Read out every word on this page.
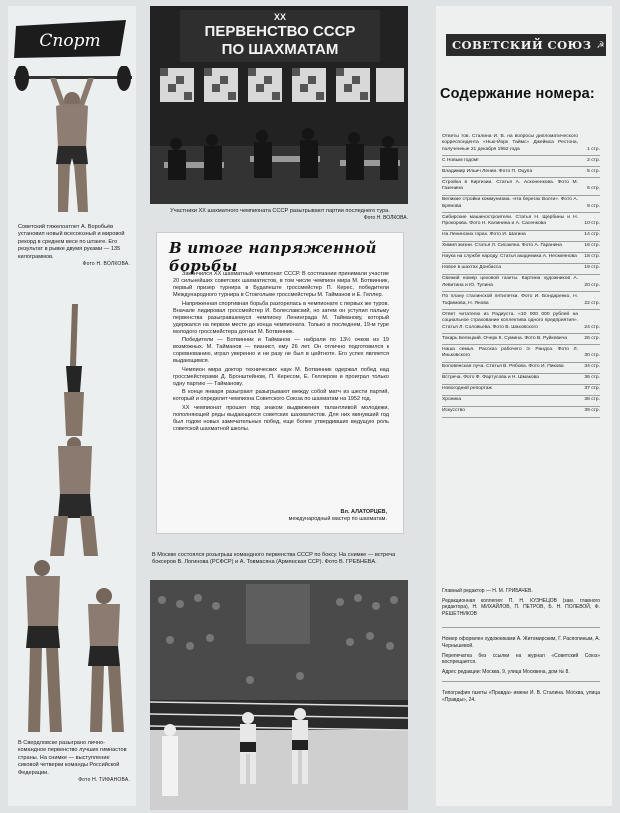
Спорт
Советский тяжелоатлет А. Воробьёв установил новый всесоюзный и мировой рекорд в среднем весе по штанге. Его результат в рывке двумя руками — 135 килограммов.
Фото Н. ВОЛКОВА.
В Свердловске разыграно лично-командное первенство лучших гимнастов страны. На снимке — выступление сиковой четверки команды Российской Федерации.
Фото Н. ТИФАНОВА.
ХХ
ПЕРВЕНСТВО СССР
ПО ШАХМАТАМ
Участники XX шахматного чемпионата СССР разыгрывают партии последнего тура.
Фото Н. ВОЛКОВА.
В итоге напряженной борьбы

Закончился XX шахматный чемпионат СССР. В состязании принимали участие 20 сильнейших советских шахматистов, в том числе чемпион мира М. Ботвинник, первый призер турнира в Будапеште гроссмейстер П. Керес, победители Международного турнира в Стокгольме гроссмейстеры М. Тайманов и Е. Геллер.

Напряженная спортивная борьба разгорелась в чемпионате с первых же туров. Вначале лидировал гроссмейстер И. Болеславский, но затем он уступил пальму первенства разыгравшемуся чемпиону Ленинграда М. Тайманову, который удержался на первом месте до конца чемпионата. Только в последнем, 19-м туре молодого гроссмейстера догнал М. Ботвинник.

Победители — Ботвинник и Тайманов — набрали по 13½ очков из 19 возможных. М. Тайманов — пианист, ему 26 лет. Он отлично подготовился к соревнованию, играл уверенно и ни разу не был в цейтноте. Его успех является выдающимся.

Чемпион мира доктор технических наук М. Ботвинник одержал побед над гроссмейстерами Д. Бронштейном, П. Кересом, Е. Геллером и проиграл только одну партию — Тайманову.

В конце января разыграют разыгрывают между собой матч из шести партий, который и определит чемпиона Советского Союза по шахматам на 1952 год.

XX чемпионат прошел под знаком выдвижения талантливой молодежи, пополняющей ряды выдающихся советских шахматистов. Для них минувший год был годом новых замечательных побед, еще более утвердивших ведущую роль советской шахматной школы.

Вл. АЛАТОРЦЕВ,
международный мастер по шахматам.
В Москве состоялся розыгрыш командного первенства СССР по боксу. На снимке — встреча боксеров В. Логинова (РСФСР) и А. Товмасяна (Армянская ССР). Фото В. ГРЕБНЕВА.
СОВЕТСКИЙ СОЮЗ ☭
Содержание номера:
Ответы тов. Сталина И. В. на вопросы дипломатического корреспондента «Нью-Йорк Таймс» Джеймса Рестона, полученные 21 декабря 1952 года	1 стр.
С Новым годом!	2 стр.
Владимир Ильич Ленин. Фото П. Оцупа	5 стр.
Стройка в Киргизии. Статья А. Асконенкова. Фото М. Газенина	6 стр.
Великие стройки коммунизма. «На берегах Волги». Фото А. Брянова	8 стр.
Сибирские машиностроители. Статья Н. Щербины и Н. Прокорова. Фото Н. Калинина и А. Сасенкова	10 стр.
На Ленинских горах. Фото И. Шагина	14 стр.
Химия жизни. Статья Л. Сисакяна. Фото А. Гаранина	16 стр.
Наука на службе народу. Статья академика А. Несмеянова	18 стр.
Новое в шахтах Донбасса	19 стр.
Свежий номер цеховой газеты. Картина художников А. Левитина и Ю. Тулина	20 стр.
По плану сталинской пятилетки. Фото И. Бондаренко, Н. Тофимова, Н. Янова	22 стр.
Ответ читателю из Радиуста. «10 000 000 рублей на социальное страхование коллектива одного предприятия». Статья Л. Соловьева. Фото В. Шаховского	24 стр.
Токарь Белецкий. Очерк К. Сумина. Фото В. Руйкевича	26 стр.
Наша семья. Рассказ рабочего Э. Рандса. Фото Л. Иньковского	30 стр.
Боловянская луча. Статья В. Рябова. Фото И. Пикова	34 стр.
Встреча. Фото Ф. Фартусова и Н. Шмакова	36 стр.
Новогодний репортаж	37 стр.
Хроника	38 стр.
Искусство	39 стр.

Главный редактор — Н. М. ГРИБАЧЕВ.

Редакционная коллегия: П. Н. КУЗНЕЦОВ (зам. главного редактора), Н. МИХАЙЛОВ, П. ПЕТРОВ, Б. Н. ПОЛЕВОЙ, Ф. РЕШЕТНИКОВ

Номер оформлен художниками А. Житомирским, Г. Распопиным, А. Чернышевой.

Перепечатка без ссылки на журнал «Советский Союз» воспрещается.

Адрес редакции: Москва, 9, улица Москвина, дом № 8.

Типография газеты «Правда» имени И. В. Сталина. Москва, улица «Правды», 24.
